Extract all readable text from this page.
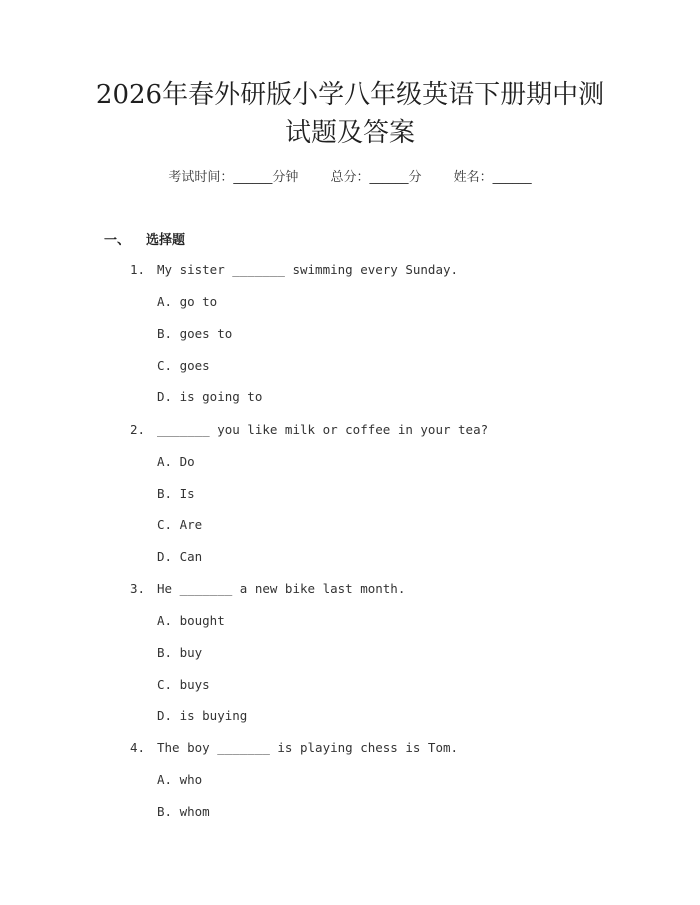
2026年春外研版小学八年级英语下册期中测
试题及答案
考试时间：______分钟 总分：______分 姓名：______
一、 选择题
1. My sister _______ swimming every Sunday.
A. go to
B. goes to
C. goes
D. is going to
2. _______ you like milk or coffee in your tea?
A. Do
B. Is
C. Are
D. Can
3. He _______ a new bike last month.
A. bought
B. buy
C. buys
D. is buying
4. The boy _______ is playing chess is Tom.
A. who
B. whom
